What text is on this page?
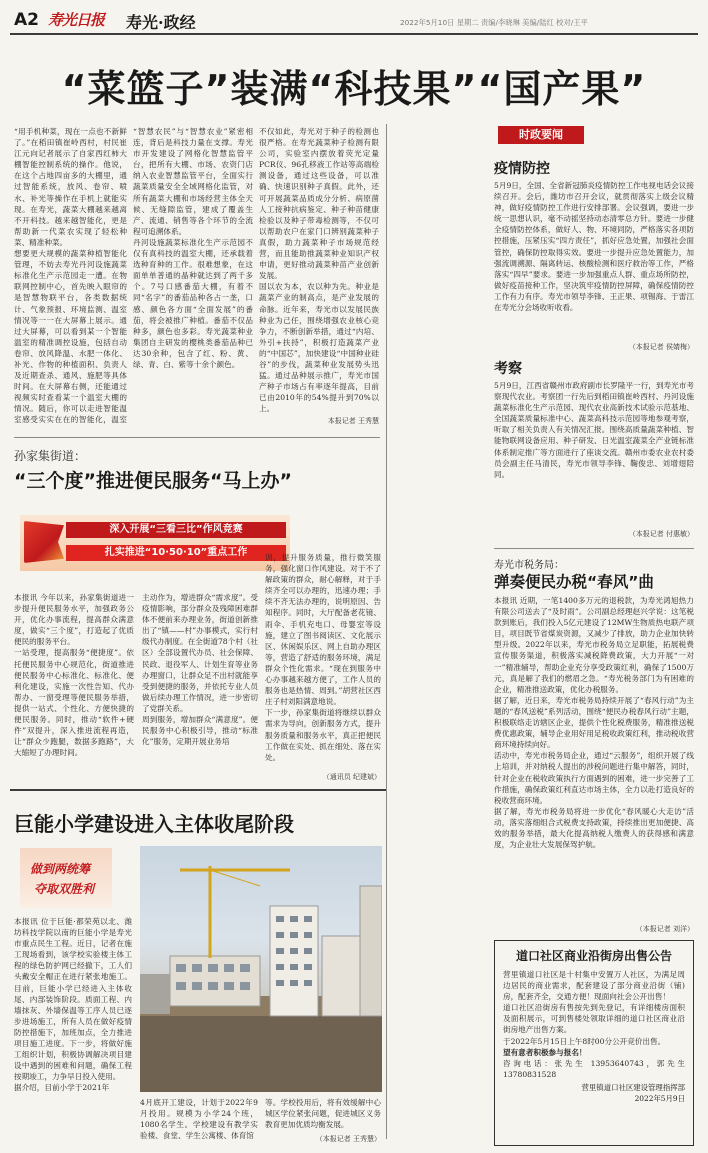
A2 寿光日报 寿光·政经	2022年5月10日 星期二 责编/李晓琳 美编/陆红 校对/王平
“菜篮子”装满“科技果”“国产果”

“用手机种菜，现在一点也不新鲜了。”在稻田镇崔岭西村，村民崔江元向记者展示了自家西红柿大棚智能控制系统的操作。他说，在这个占地四亩多的大棚里，通过智能系统，放风、卷帘、喷水、补光等操作在手机上就能实现。在寿光，蔬菜大棚越来越离不开科技。越来越智能化，更是帮助新一代菜农实现了轻松种菜、精准种菜。

想要更大规模的蔬菜种植智能化管理，不妨去寿光丹河设施蔬菜标准化生产示范园走一遭。在物联网控制中心，首先映入眼帘的是智慧物联平台，各类数据统计、气象预报、环境监测、温室情况等一一在大屏幕上展示。通过大屏幕，可以看到某一个智能温室的精准调控设施，包括自动卷帘、放风降温、水肥一体化、补光、作物的种植面积、负责人及近期查杀、通风、施肥等具体时间。在大屏幕右侧，还能通过视频实时查看某一个温室大棚的情况。随后，你可以走进智能温室感受实实在在的智能化，温室

“智慧农民”与“智慧农业”紧密相连，背后是科技力量在支撑。寿光市开发建设了网格化智慧监管平台，把所有大棚、市场、农资门店纳入农业智慧监管平台，全面实行蔬菜质量安全全域网格化监管，对所有蔬菜大棚和市场经营主体全天候、无缝隙监管，建成了覆盖生产、流通、销售等各个环节的全流程可追溯体系。

丹河设施蔬菜标准化生产示范园不仅有真科技的温室大棚，还承载着选种育种的工作。很难想象，在这面单单普通的晶种就达到了两千多个。7号口感番茄大棚，有着不同“名字”的番茄品种各占一垄，口感、颜色各方面“全面发展”的番茄，将会被推广种植。番茄不仅品种多，颜色也多彩。寿光蔬菜种业集团自主研发的樱桃类番茄品种已达30余种，包含了红、粉、黄、绿、青、白、紫等十余个颜色。

不仅如此，寿光对于种子的检测也很严格。在寿光蔬菜种子检测有限公司，实验室内摆放着荧光定量PCR仪、96孔移液工作站等高端检测设备，通过这些设备，可以准确、快速识别种子真假。此外，还可开展蔬菜品质成分分析、病原菌人工接种抗病鉴定、种子种苗健康检验以及种子带毒检测等，不仅可以帮助农户在家门口辨别蔬菜种子真假，助力蔬菜种子市场规范经营，而且能助推蔬菜种业知识产权申请，更好推动蔬菜种苗产业创新发展。

国以农为本，农以种为先。种业是蔬菜产业的制高点，是产业发展的命脉。近年来，寿光市以发展民族种业为己任，围绕增强农业核心竞争力，不断创新举措，通过“内培、外引+扶持”，积极打造蔬菜产业的“中国芯”，加快建设“中国种业硅谷”的步伐，蔬菜种业发展势头迅猛。通过品种展示推广，寿光市国产种子市场占有率逐年提高，目前已由2010年的54%提升到70%以上。

本报记者 王秀慧
时政要闻
疫情防控
5月9日，全国、全省新冠肺炎疫情防控工作电视电话会议接续召开。会后，潍坊市召开会议，就贯彻落实上级会议精神，做好疫情防控工作进行安排部署。会议强调，要进一步统一思想认识，毫不动摇坚持动态清零总方针。要进一步健全疫情防控体系，做好人、物、环境同防，严格落实各项防控措施，压紧压实“四方责任”，抓好应急处置，加强社会面管控，确保防控取得实效。要进一步提升应急处置能力，加强流调溯源、隔离转运、核酸检测和医疗救治等工作，严格落实“四早”要求。要进一步加强重点人群、重点场所防控，做好疫苗接种工作，坚决筑牢疫情防控屏障，确保疫情防控工作有力有序。寿光市领导李锋、王正果、项锡海、于雷江在寿光分会场收听收看。
（本报记者 侯婧梅）
考察
5月9日，江西省赣州市政府副市长罗隆平一行，到寿光市考察现代农业。考察团一行先后到稻田镇崔岭西村、丹河设施蔬菜标准化生产示范园、现代农业高新技术试验示范基地、全国蔬菜质量标准中心、蔬菜高科技示范园等地参观考察，听取了相关负责人有关情况汇报。围绕高质量蔬菜种植、智能物联网设备应用、种子研发、日光温室蔬菜全产业链标准体系制定推广等方面进行了座谈交流。赣州市委农业农村委员会副主任马清民，寿光市领导李锋、鞠俊忠、刘增翅陪同。
（本报记者 付惠敏）
寿光市税务局：
弹奏便民办税“春风”曲

本报讯 近期，一笔1400多万元的退税款，为寿光鸿旭热力有限公司送去了“及时雨”。公司副总经理赵兴学说：这笔税款到账后，我们投入5亿元建设了12MW生物质热电联产项目，项目既节省煤炭资源，又减少了排放，助力企业加快转型升级。2022年以来，寿光市税务局立足职能，拓展税费宣传服务渠道，积极落实减税降费政策，大力开展“一对一”精准辅导，帮助企业充分享受政策红利，确保了1500万元，真是解了我们的燃眉之急。“寿光税务部门为有困难的企业，精准推送政策，优化办税服务。

据了解，近日来，寿光市税务局持续开展了“春风行动”为主题的“春风送税”系列活动，围绕“便民办税春风行动”主题，积极联络走访辖区企业，提供个性化税费服务，精准推送税费优惠政策，辅导企业用好用足税收政策红利，推动税收营商环境持续向好。

活动中，寿光市税务局企业，通过“云服务”，组织开展了线上培训，并对纳税人提出的涉税问题进行集中解答，同时，针对企业在税收政策执行方面遇到的困难，进一步完善了工作措施，确保政策红利直达市场主体，全力以赴打造良好的税收营商环境。

据了解，寿光市税务局将进一步优化“春风暖心大走访”活动，落实落细组合式税费支持政策，持续推出更加便捷、高效的服务举措，最大化提高纳税人缴费人的获得感和满意度，为企业壮大发展保驾护航。

（本报记者 刘洋）
道口社区商业沿街房出售公告
营里镇道口社区是十村集中安置万人社区，为满足周边居民的商业需求，配套建设了部分商业沿街（铺)房，配套齐全，交通方便！现面向社会公开出售！
道口社区沿街房有售按先到先登记，有详细楼房面积及面积展示，可到售楼处领取详细的道口社区商业沿街房地产出售方案。
于2022年5月15日上午8时00分公开竞价出售。
望有意者积极参与报名！
咨询电话：张先生 13953640743，郭先生 13780831528
营里镇道口社区建设管理指挥部
2022年5月9日
孙家集街道：
“三个度”推进便民服务“马上办”
深入开展“三看三比”作风竞赛
扎实推进“10·50·10”重点工作

本报讯 今年以来，孙家集街道进一步提升便民服务水平，加强政务公开，优化办事流程，提高群众满意度，做实“三个度”，打造起了优质便民的服务平台。

一站受理，提高服务“便捷度”。依托便民服务中心规范化，街道推进便民服务中心标准化、标准化、便利化建设，实施一次性告知、代办帮办、一窗受理等便民服务举措，提供一站式、个性化、方便快捷的便民服务。同时，推动“软件+硬件”双提升，深入推进流程再造，让“群众少跑腿，数据多跑路”，大大缩短了办理时间。

主动作为，增进群众“需求度”。受疫情影响，部分群众及残障困难群体不便前来办理业务，街道创新推出了“镇——村”办事模式，实行村级代办制度。在全街道78个村（社区）全部设置代办员、社会保障、民政、退役军人、计划生育等业务办理窗口，让群众足不出村就能享受到便捷的服务，并依托专业人员做后续办理工作情况，进一步密切了党群关系。

周到服务，增加群众“满意度”。便民服务中心积极引导，推动“标准化”服务，定期开展业务培

训，提升服务质量，推行微笑服务，强化窗口作风建设。对于不了解政策的群众，耐心解释，对于手续齐全可以办理的，迅速办理；手续不齐无法办理的，说明原因、告知程序。同时，大厅配备老花镜、雨伞、手机充电口、母婴室等设施，建立了图书阅读区、文化展示区、休闲娱乐区、网上自助办理区等，营造了舒适的服务环境，满足群众个性化需求。“现在到服务中心办事越来越方便了，工作人员的服务也是热情、周到。”胡营社区西庄子村刘阳满意地说。

下一步，孙家集街道将继续以群众需求为导向，创新服务方式，提升服务质量和服务水平，真正把便民工作做在实处、抓在细处、落在实处。

（通讯员 纪建斌）
巨能小学建设进入主体收尾阶段
做到两统筹
夺取双胜利

本报讯 位于巨能·都荣苑以北、潍坊科技学院以南的巨能小学是寿光市重点民生工程。近日，记者在施工现场看到，该学校实验楼主体工程的绿色防护网已经撤下，工人们头戴安全帽正在进行紧张地施工。目前，巨能小学已经进入主体收尾、内部装饰阶段。质面工程、内墙抹灰、外墙保温等工序人员已逐步进场施工，所有人员在做好疫情防控措施下，加班加点，全力推进项目施工进度。下一步，将做好施工组织计划，积极协调解决项目建设中遇到的困难和问题，确保工程按期竣工，力争早日投入使用。

据介绍，目前小学于2021年

4月底开工建设，计划于2022年9月投用。规模为小学24个班，1080名学生。学校建设有教学实验楼、食堂、学生公寓楼、体育馆

等。学校投用后，将有效缓解中心城区学位紧张问题，促进城区义务教育更加优质均衡发展。

（本报记者 王秀慧）
